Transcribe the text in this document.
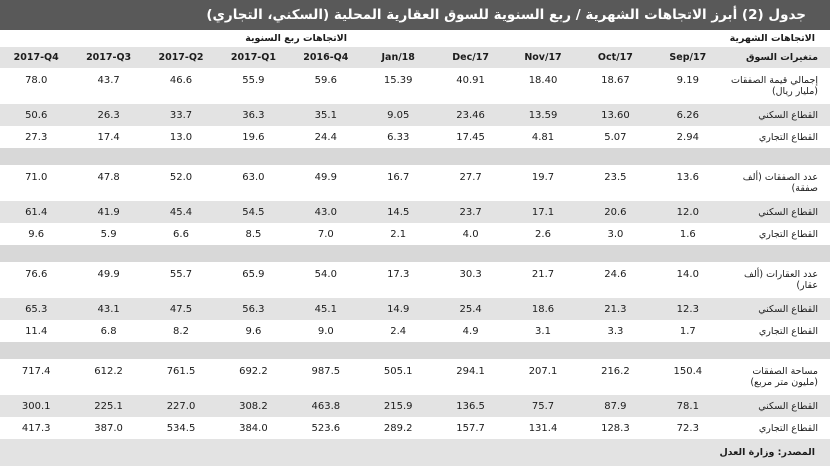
جدول (2) أبرز الاتجاهات الشهرية / ربع السنوية للسوق العقارية المحلية (السكني، التجاري)
الاتجاهات الشهرية
الاتجاهات ربع السنوية
متغيرات السوق
Sep/17
Oct/17
Nov/17
Dec/17
Jan/18
2016-Q4
2017-Q1
2017-Q2
2017-Q3
2017-Q4
إجمالي قيمة الصفقات (مليار ريال)
9.19
18.67
18.40
40.91
15.39
59.6
55.9
46.6
43.7
78.0
القطاع السكني
6.26
13.60
13.59
23.46
9.05
35.1
36.3
33.7
26.3
50.6
القطاع التجاري
2.94
5.07
4.81
17.45
6.33
24.4
19.6
13.0
17.4
27.3
عدد الصفقات (ألف صفقة)
13.6
23.5
19.7
27.7
16.7
49.9
63.0
52.0
47.8
71.0
القطاع السكني
12.0
20.6
17.1
23.7
14.5
43.0
54.5
45.4
41.9
61.4
القطاع التجاري
1.6
3.0
2.6
4.0
2.1
7.0
8.5
6.6
5.9
9.6
عدد العقارات (ألف عقار)
14.0
24.6
21.7
30.3
17.3
54.0
65.9
55.7
49.9
76.6
القطاع السكني
12.3
21.3
18.6
25.4
14.9
45.1
56.3
47.5
43.1
65.3
القطاع التجاري
1.7
3.3
3.1
4.9
2.4
9.0
9.6
8.2
6.8
11.4
مساحة الصفقات (مليون متر مربع)
150.4
216.2
207.1
294.1
505.1
987.5
692.2
761.5
612.2
717.4
القطاع السكني
78.1
87.9
75.7
136.5
215.9
463.8
308.2
227.0
225.1
300.1
القطاع التجاري
72.3
128.3
131.4
157.7
289.2
523.6
384.0
534.5
387.0
417.3
المصدر: وزارة العدل
